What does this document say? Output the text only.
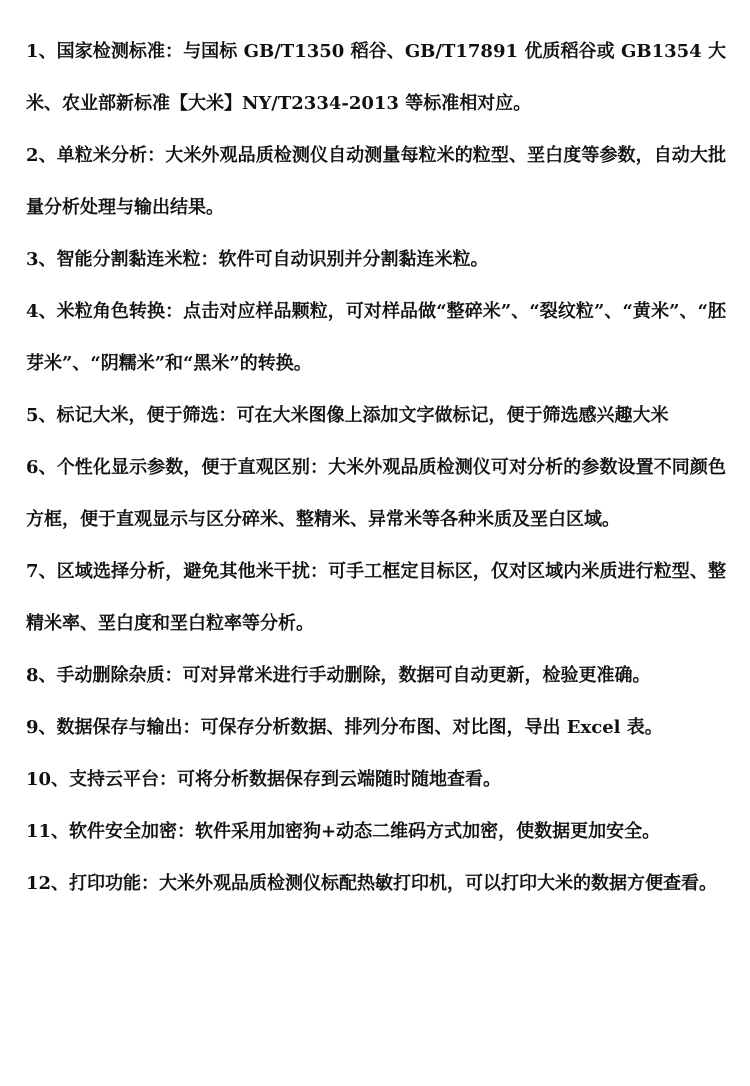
1、国家检测标准：与国标 GB/T1350 稻谷、GB/T17891 优质稻谷或 GB1354 大米、农业部新标准【大米】NY/T2334-2013 等标准相对应。

2、单粒米分析：大米外观品质检测仪自动测量每粒米的粒型、垩白度等参数，自动大批量分析处理与输出结果。

3、智能分割黏连米粒：软件可自动识别并分割黏连米粒。

4、米粒角色转换：点击对应样品颗粒，可对样品做“整碎米”、“裂纹粒”、“黄米”、“胚芽米”、“阴糯米”和“黑米”的转换。

5、标记大米，便于筛选：可在大米图像上添加文字做标记，便于筛选感兴趣大米

6、个性化显示参数，便于直观区别：大米外观品质检测仪可对分析的参数设置不同颜色方框，便于直观显示与区分碎米、整精米、异常米等各种米质及垩白区域。

7、区域选择分析，避免其他米干扰：可手工框定目标区，仅对区域内米质进行粒型、整精米率、垩白度和垩白粒率等分析。

8、手动删除杂质：可对异常米进行手动删除，数据可自动更新，检验更准确。

9、数据保存与输出：可保存分析数据、排列分布图、对比图，导出 Excel 表。

10、支持云平台：可将分析数据保存到云端随时随地查看。

11、软件安全加密：软件采用加密狗+动态二维码方式加密，使数据更加安全。

12、打印功能：大米外观品质检测仪标配热敏打印机，可以打印大米的数据方便查看。
